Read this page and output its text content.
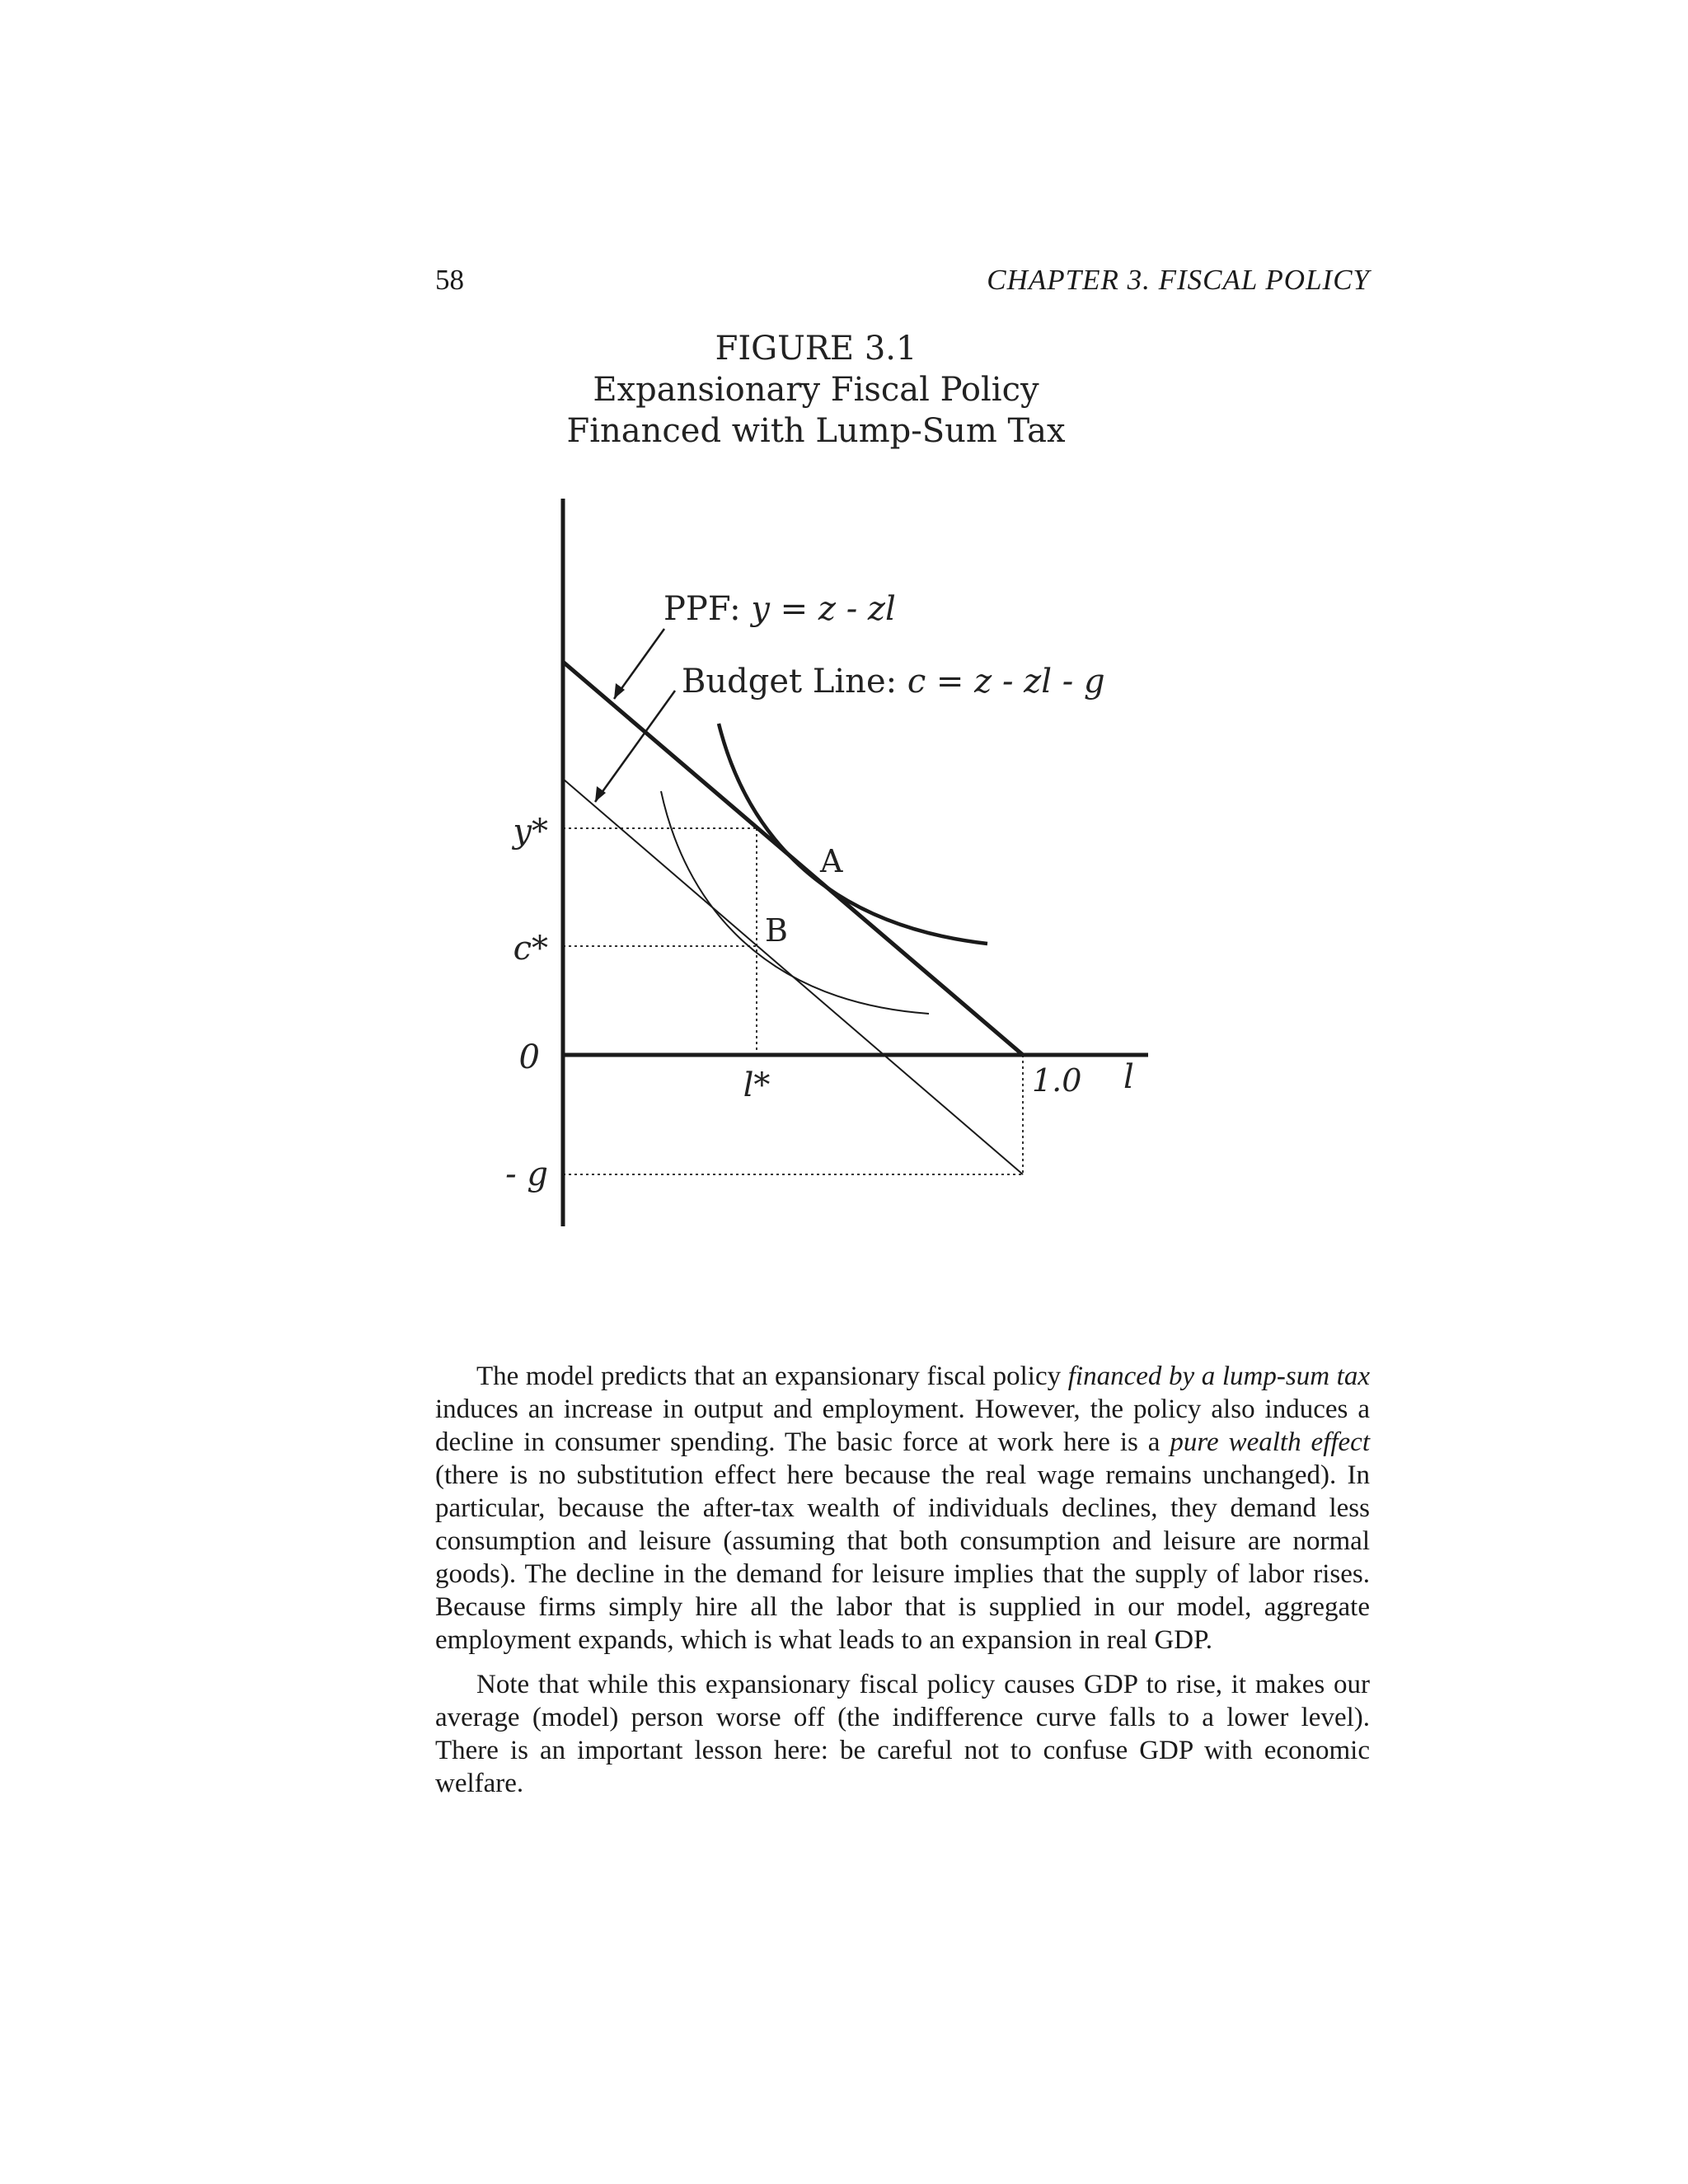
58	CHAPTER 3. FISCAL POLICY
FIGURE 3.1
Expansionary Fiscal Policy
Financed with Lump-Sum Tax
PPF: y = z - zl
Budget Line: c = z - zl - g
A
B
y*
c*
0
- g
l*	1.0 l

The model predicts that an expansionary fiscal policy financed by a lump-sum tax induces an increase in output and employment. However, the policy also induces a decline in consumer spending. The basic force at work here is a pure wealth effect (there is no substitution effect here because the real wage remains unchanged). In particular, because the after-tax wealth of individuals declines, they demand less consumption and leisure (assuming that both consumption and leisure are normal goods). The decline in the demand for leisure implies that the supply of labor rises. Because firms simply hire all the labor that is supplied in our model, aggregate employment expands, which is what leads to an expansion in real GDP.

Note that while this expansionary fiscal policy causes GDP to rise, it makes our average (model) person worse off (the indifference curve falls to a lower level). There is an important lesson here: be careful not to confuse GDP with economic welfare.
